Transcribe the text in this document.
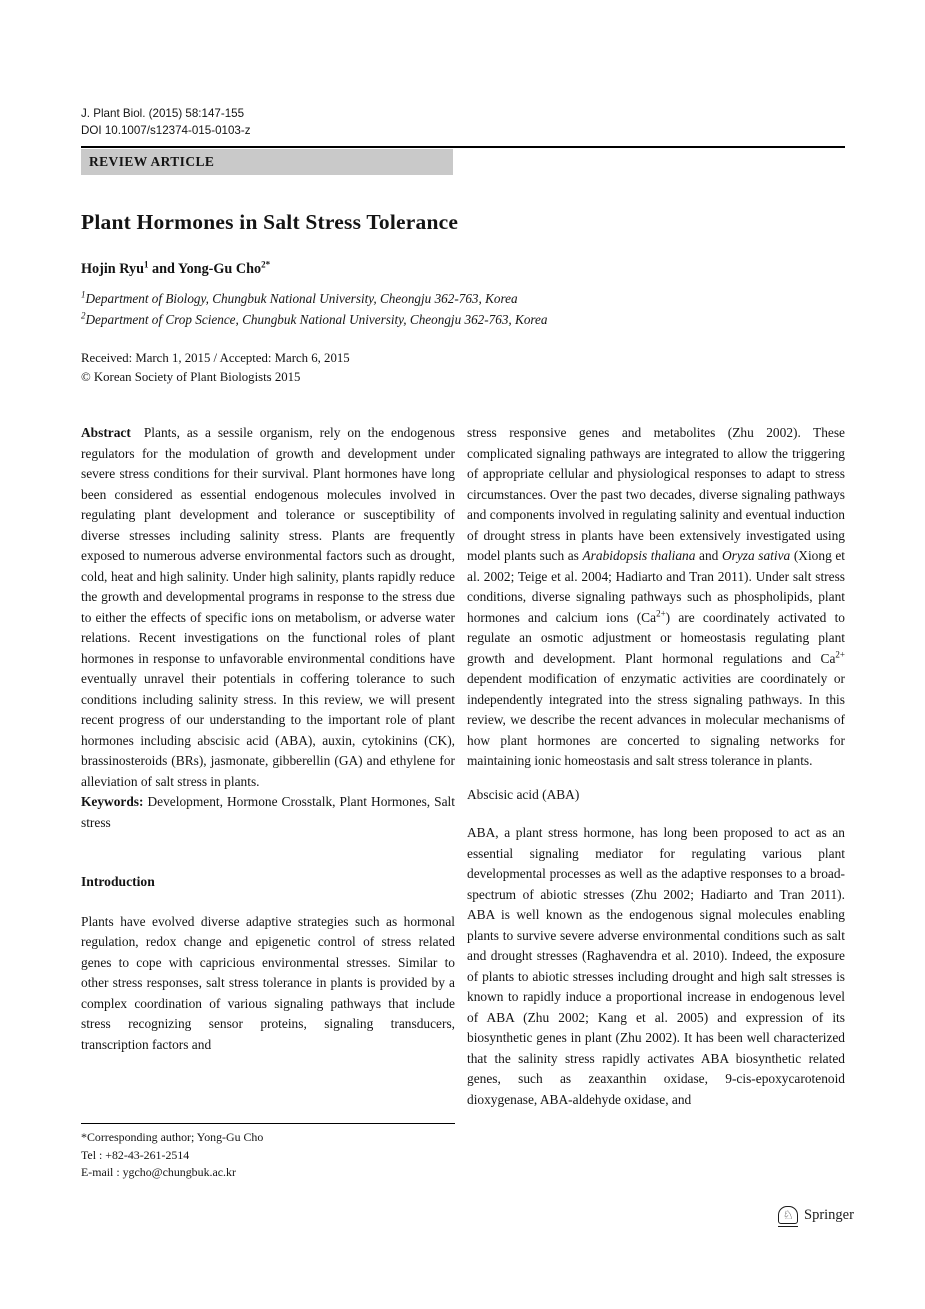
J. Plant Biol. (2015) 58:147-155
DOI 10.1007/s12374-015-0103-z
REVIEW ARTICLE
Plant Hormones in Salt Stress Tolerance
Hojin Ryu$^1$ and Yong-Gu Cho$^{2*}$
$^1$Department of Biology, Chungbuk National University, Cheongju 362-763, Korea
$^2$Department of Crop Science, Chungbuk National University, Cheongju 362-763, Korea
Received: March 1, 2015 / Accepted: March 6, 2015
© Korean Society of Plant Biologists 2015

Abstract Plants, as a sessile organism, rely on the endogenous regulators for the modulation of growth and development under severe stress conditions for their survival. Plant hormones have long been considered as essential endogenous molecules involved in regulating plant development and tolerance or susceptibility of diverse stresses including salinity stress. Plants are frequently exposed to numerous adverse environmental factors such as drought, cold, heat and high salinity. Under high salinity, plants rapidly reduce the growth and developmental programs in response to the stress due to either the effects of specific ions on metabolism, or adverse water relations. Recent investigations on the functional roles of plant hormones in response to unfavorable environmental conditions have eventually unravel their potentials in coffering tolerance to such conditions including salinity stress. In this review, we will present recent progress of our understanding to the important role of plant hormones including abscisic acid (ABA), auxin, cytokinins (CK), brassinosteroids (BRs), jasmonate, gibberellin (GA) and ethylene for alleviation of salt stress in plants.

Keywords: Development, Hormone Crosstalk, Plant Hormones, Salt stress

Introduction

Plants have evolved diverse adaptive strategies such as hormonal regulation, redox change and epigenetic control of stress related genes to cope with capricious environmental stresses. Similar to other stress responses, salt stress tolerance in plants is provided by a complex coordination of various signaling pathways that include stress recognizing sensor proteins, signaling transducers, transcription factors and

stress responsive genes and metabolites (Zhu 2002). These complicated signaling pathways are integrated to allow the triggering of appropriate cellular and physiological responses to adapt to stress circumstances. Over the past two decades, diverse signaling pathways and components involved in regulating salinity and eventual induction of drought stress in plants have been extensively investigated using model plants such as Arabidopsis thaliana and Oryza sativa (Xiong et al. 2002; Teige et al. 2004; Hadiarto and Tran 2011). Under salt stress conditions, diverse signaling pathways such as phospholipids, plant hormones and calcium ions $(Ca^{2+})$ are coordinately activated to regulate an osmotic adjustment or homeostasis regulating plant growth and development. Plant hormonal regulations and $Ca^{2+}$ dependent modification of enzymatic activities are coordinately or independently integrated into the stress signaling pathways. In this review, we describe the recent advances in molecular mechanisms of how plant hormones are concerted to signaling networks for maintaining ionic homeostasis and salt stress tolerance in plants.

Abscisic acid (ABA)

ABA, a plant stress hormone, has long been proposed to act as an essential signaling mediator for regulating various plant developmental processes as well as the adaptive responses to a broad-spectrum of abiotic stresses (Zhu 2002; Hadiarto and Tran 2011). ABA is well known as the endogenous signal molecules enabling plants to survive severe adverse environmental conditions such as salt and drought stresses (Raghavendra et al. 2010). Indeed, the exposure of plants to abiotic stresses including drought and high salt stresses is known to rapidly induce a proportional increase in endogenous level of ABA (Zhu 2002; Kang et al. 2005) and expression of its biosynthetic genes in plant (Zhu 2002). It has been well characterized that the salinity stress rapidly activates ABA biosynthetic related genes, such as zeaxanthin oxidase, 9-cis-epoxycarotenoid dioxygenase, ABA-aldehyde oxidase, and

*Corresponding author; Yong-Gu Cho
Tel : +82-43-261-2514
E-mail : ygcho@chungbuk.ac.kr
♘ Springer
